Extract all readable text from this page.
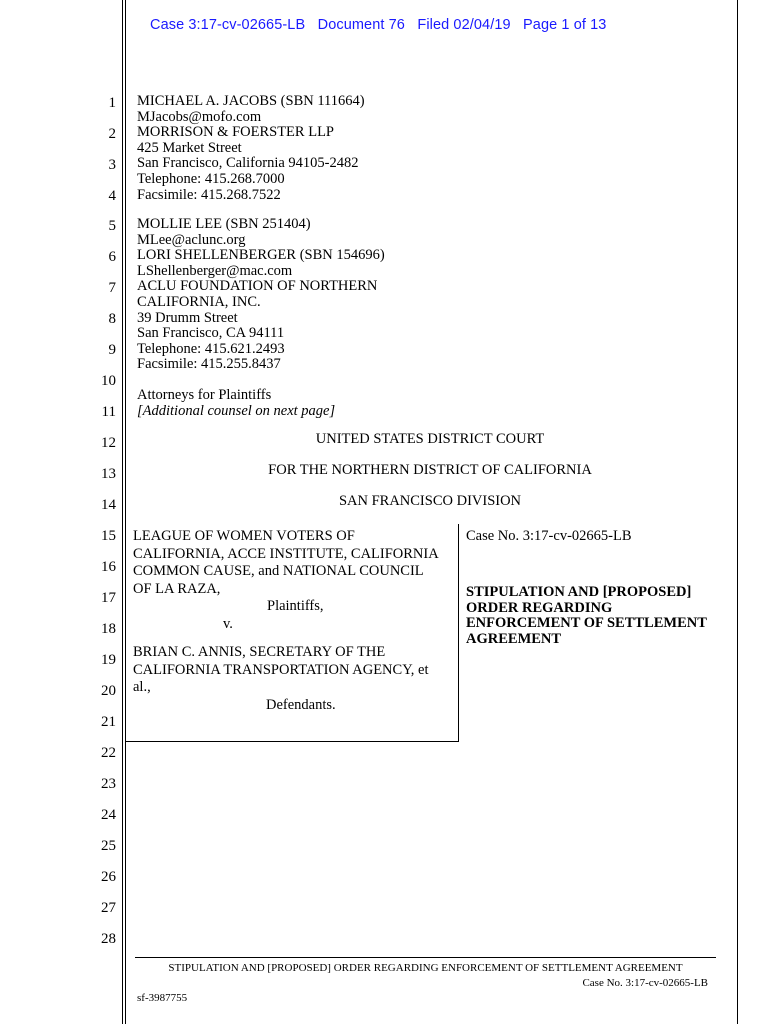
Case 3:17-cv-02665-LB   Document 76   Filed 02/04/19   Page 1 of 13
1
2
3
4
5
6
7
8
9
10
11
12
13
14
15
16
17
18
19
20
21
22
23
24
25
26
27
28
MICHAEL A. JACOBS (SBN 111664)
MJacobs@mofo.com
MORRISON & FOERSTER LLP
425 Market Street
San Francisco, California 94105-2482
Telephone: 415.268.7000
Facsimile: 415.268.7522
MOLLIE LEE (SBN 251404)
MLee@aclunc.org
LORI SHELLENBERGER (SBN 154696)
LShellenberger@mac.com
ACLU FOUNDATION OF NORTHERN
CALIFORNIA, INC.
39 Drumm Street
San Francisco, CA 94111
Telephone: 415.621.2493
Facsimile: 415.255.8437
Attorneys for Plaintiffs
[Additional counsel on next page]
UNITED STATES DISTRICT COURT
FOR THE NORTHERN DISTRICT OF CALIFORNIA
SAN FRANCISCO DIVISION
LEAGUE OF WOMEN VOTERS OF
CALIFORNIA, ACCE INSTITUTE, CALIFORNIA
COMMON CAUSE, and NATIONAL COUNCIL
OF LA RAZA,
Plaintiffs,
v.
BRIAN C. ANNIS, SECRETARY OF THE
CALIFORNIA TRANSPORTATION AGENCY, et
al.,
Defendants.
Case No. 3:17-cv-02665-LB
STIPULATION AND [PROPOSED]
ORDER REGARDING
ENFORCEMENT OF SETTLEMENT
AGREEMENT
STIPULATION AND [PROPOSED] ORDER REGARDING ENFORCEMENT OF SETTLEMENT AGREEMENT
Case No. 3:17-cv-02665-LB
sf-3987755
